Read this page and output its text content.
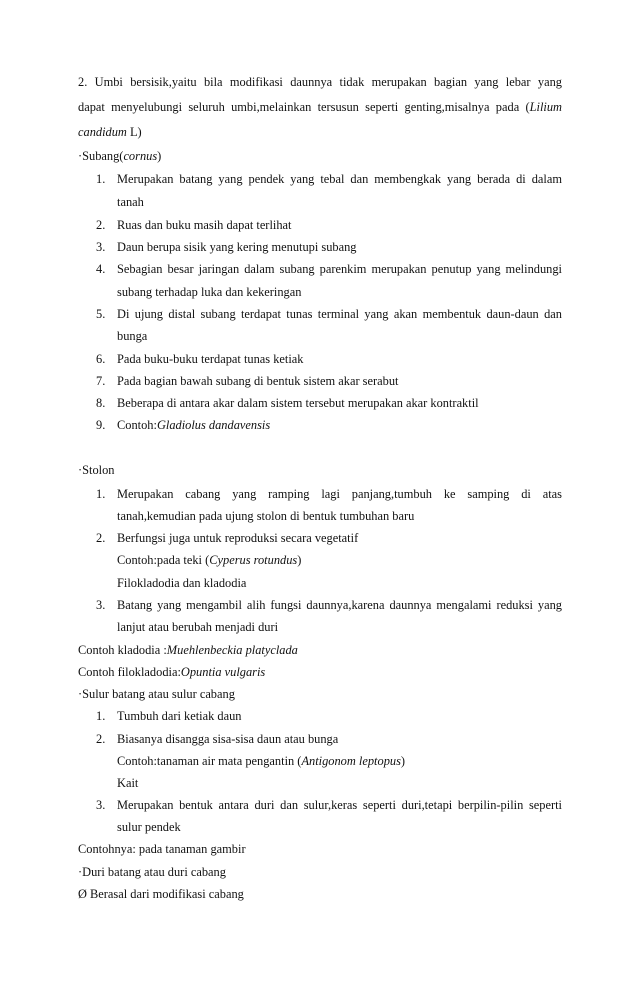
2. Umbi bersisik,yaitu bila modifikasi daunnya tidak merupakan bagian yang lebar yang
dapat menyelubungi seluruh umbi,melainkan tersusun seperti genting,misalnya pada (Lilium
candidum L)
·Subang(cornus)
1. Merupakan batang yang pendek yang tebal dan membengkak yang berada di dalam
tanah
2. Ruas dan buku masih dapat terlihat
3. Daun berupa sisik yang kering menutupi subang
4. Sebagian besar jaringan dalam subang parenkim merupakan penutup yang melindungi
subang terhadap luka dan kekeringan
5. Di ujung distal subang terdapat tunas terminal yang akan membentuk daun-daun dan
bunga
6. Pada buku-buku terdapat tunas ketiak
7. Pada bagian bawah subang di bentuk sistem akar serabut
8. Beberapa di antara akar dalam sistem tersebut merupakan akar kontraktil
9. Contoh:Gladiolus dandavensis
·Stolon
1. Merupakan cabang yang ramping lagi panjang,tumbuh ke samping di atas
tanah,kemudian pada ujung stolon di bentuk tumbuhan baru
2. Berfungsi juga untuk reproduksi secara vegetatif
Contoh:pada teki (Cyperus rotundus)
Filokladodia dan kladodia
3. Batang yang mengambil alih fungsi daunnya,karena daunnya mengalami reduksi yang
lanjut atau berubah menjadi duri
Contoh kladodia :Muehlenbeckia platyclada
Contoh filokladodia:Opuntia vulgaris
·Sulur batang atau sulur cabang
1. Tumbuh dari ketiak daun
2. Biasanya disangga sisa-sisa daun atau bunga
Contoh:tanaman air mata pengantin (Antigonom leptopus)
Kait
3. Merupakan bentuk antara duri dan sulur,keras seperti duri,tetapi berpilin-pilin seperti
sulur pendek
Contohnya: pada tanaman gambir
·Duri batang atau duri cabang
Ø Berasal dari modifikasi cabang
